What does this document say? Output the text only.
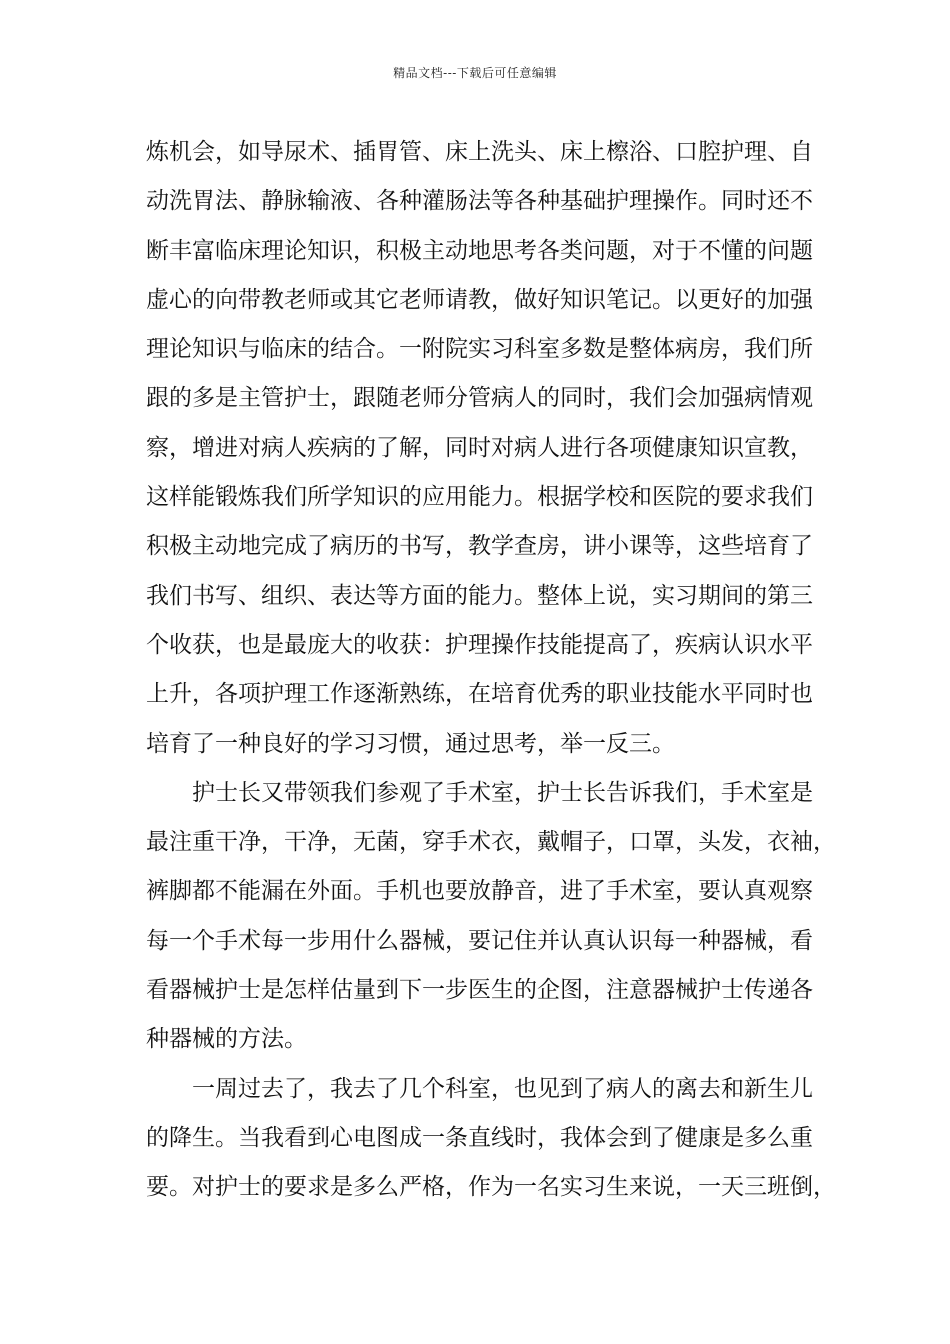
精品文档---下载后可任意编辑
炼机会，如导尿术、插胃管、床上洗头、床上檫浴、口腔护理、自
动洗胃法、静脉输液、各种灌肠法等各种基础护理操作。同时还不
断丰富临床理论知识，积极主动地思考各类问题，对于不懂的问题
虚心的向带教老师或其它老师请教，做好知识笔记。以更好的加强
理论知识与临床的结合。一附院实习科室多数是整体病房，我们所
跟的多是主管护士，跟随老师分管病人的同时，我们会加强病情观
察，增进对病人疾病的了解，同时对病人进行各项健康知识宣教，
这样能锻炼我们所学知识的应用能力。根据学校和医院的要求我们
积极主动地完成了病历的书写，教学查房，讲小课等，这些培育了
我们书写、组织、表达等方面的能力。整体上说，实习期间的第三
个收获，也是最庞大的收获：护理操作技能提高了，疾病认识水平
上升，各项护理工作逐渐熟练，在培育优秀的职业技能水平同时也
培育了一种良好的学习习惯，通过思考，举一反三。
护士长又带领我们参观了手术室，护士长告诉我们，手术室是
最注重干净，干净，无菌，穿手术衣，戴帽子，口罩，头发，衣袖，
裤脚都不能漏在外面。手机也要放静音，进了手术室，要认真观察
每一个手术每一步用什么器械，要记住并认真认识每一种器械，看
看器械护士是怎样估量到下一步医生的企图，注意器械护士传递各
种器械的方法。
一周过去了，我去了几个科室，也见到了病人的离去和新生儿
的降生。当我看到心电图成一条直线时，我体会到了健康是多么重
要。对护士的要求是多么严格，作为一名实习生来说，一天三班倒，
